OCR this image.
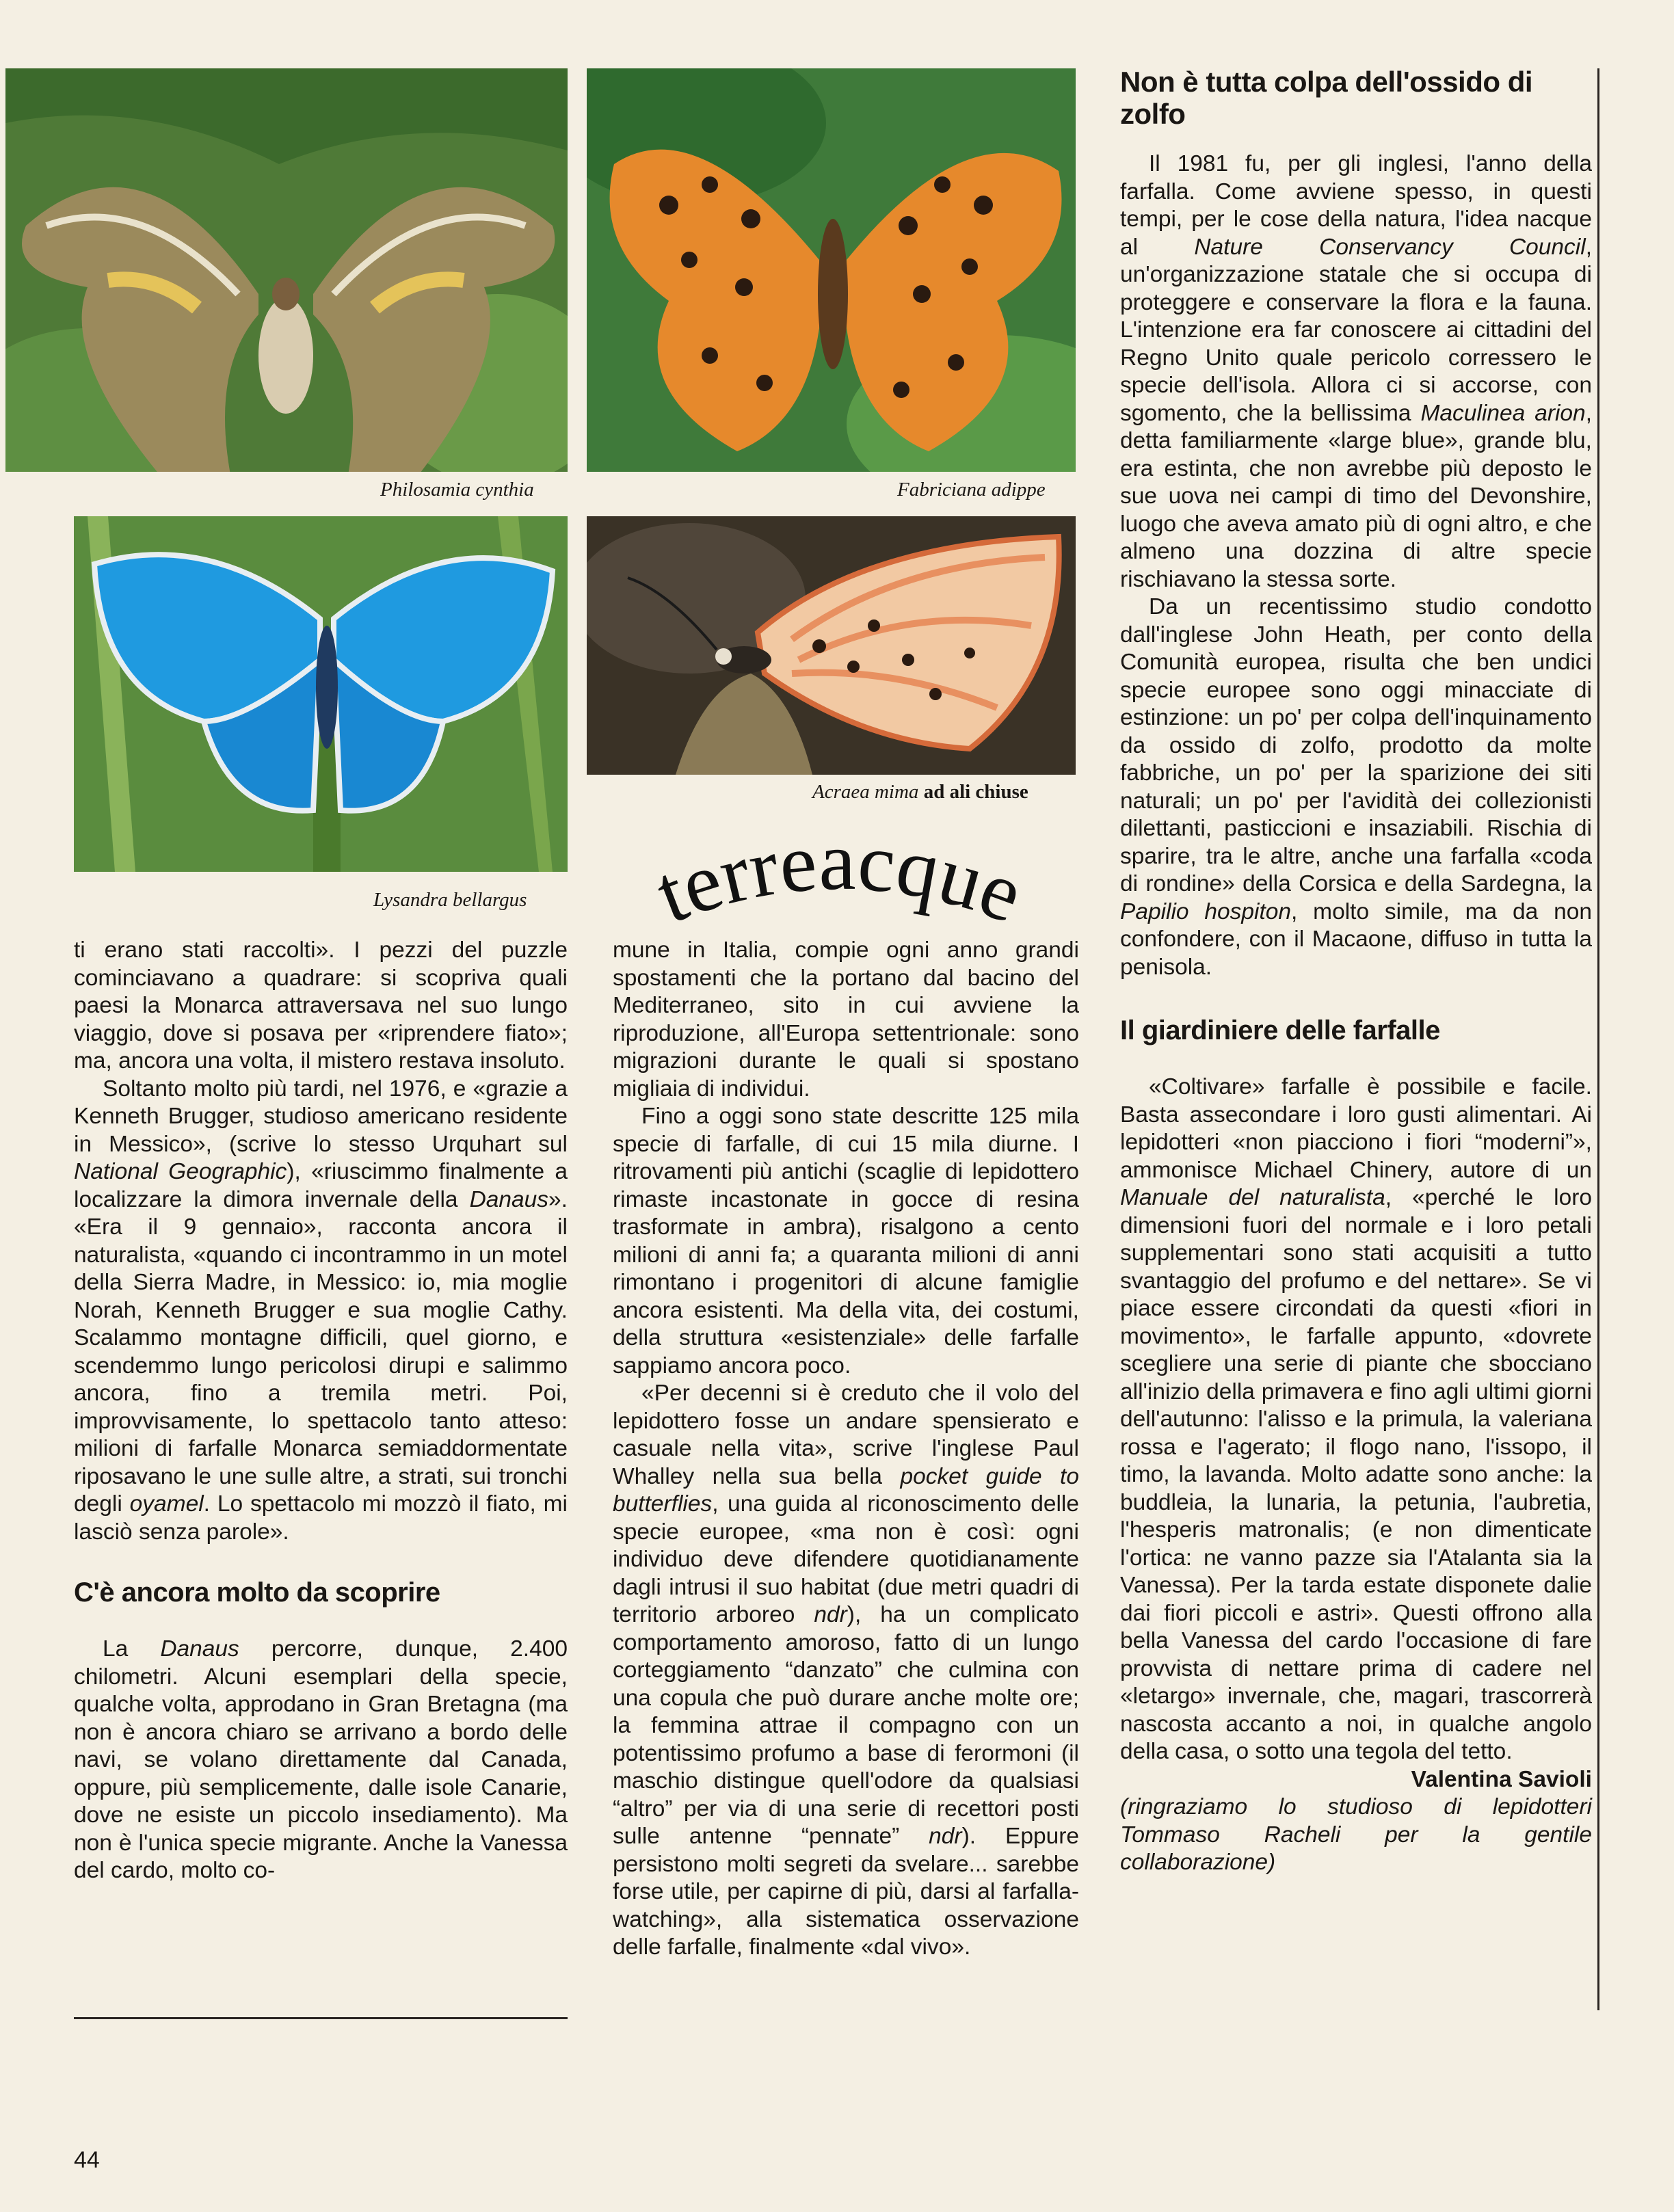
Philosamia cynthia	Fabriciana adippe
Lysandra bellargus
Acraea mima ad ali chiuse
terreacque

ti erano stati raccolti». I pezzi del puzzle cominciavano a quadrare: si scopriva quali paesi la Monarca attraversava nel suo lungo viaggio, dove si posava per «riprendere fiato»; ma, ancora una volta, il mistero restava insoluto.

Soltanto molto più tardi, nel 1976, e «grazie a Kenneth Brugger, studioso americano residente in Messico», (scrive lo stesso Urquhart sul National Geographic), «riuscimmo finalmente a localizzare la dimora invernale della Danaus». «Era il 9 gennaio», racconta ancora il naturalista, «quando ci incontrammo in un motel della Sierra Madre, in Messico: io, mia moglie Norah, Kenneth Brugger e sua moglie Cathy. Scalammo montagne difficili, quel giorno, e scendemmo lungo pericolosi dirupi e salimmo ancora, fino a tremila metri. Poi, improvvisamente, lo spettacolo tanto atteso: milioni di farfalle Monarca semiaddormentate riposavano le une sulle altre, a strati, sui tronchi degli oyamel. Lo spettacolo mi mozzò il fiato, mi lasciò senza parole».

C'è ancora molto da scoprire

La Danaus percorre, dunque, 2.400 chilometri. Alcuni esemplari della specie, qualche volta, approdano in Gran Bretagna (ma non è ancora chiaro se arrivano a bordo delle navi, se volano direttamente dal Canada, oppure, più semplicemente, dalle isole Canarie, dove ne esiste un piccolo insediamento). Ma non è l'unica specie migrante. Anche la Vanessa del cardo, molto co-

mune in Italia, compie ogni anno grandi spostamenti che la portano dal bacino del Mediterraneo, sito in cui avviene la riproduzione, all'Europa settentrionale: sono migrazioni durante le quali si spostano migliaia di individui.

Fino a oggi sono state descritte 125 mila specie di farfalle, di cui 15 mila diurne. I ritrovamenti più antichi (scaglie di lepidottero rimaste incastonate in gocce di resina trasformate in ambra), risalgono a cento milioni di anni fa; a quaranta milioni di anni rimontano i progenitori di alcune famiglie ancora esistenti. Ma della vita, dei costumi, della struttura «esistenziale» delle farfalle sappiamo ancora poco.

«Per decenni si è creduto che il volo del lepidottero fosse un andare spensierato e casuale nella vita», scrive l'inglese Paul Whalley nella sua bella pocket guide to butterflies, una guida al riconoscimento delle specie europee, «ma non è così: ogni individuo deve difendere quotidianamente dagli intrusi il suo habitat (due metri quadri di territorio arboreo ndr), ha un complicato comportamento amoroso, fatto di un lungo corteggiamento “danzato” che culmina con una copula che può durare anche molte ore; la femmina attrae il compagno con un potentissimo profumo a base di ferormoni (il maschio distingue quell'odore da qualsiasi “altro” per via di una serie di recettori posti sulle antenne “pennate” ndr). Eppure persistono molti segreti da svelare... sarebbe forse utile, per capirne di più, darsi al farfalla-watching», alla sistematica osservazione delle farfalle, finalmente «dal vivo».

Non è tutta colpa dell'ossido di zolfo

Il 1981 fu, per gli inglesi, l'anno della farfalla. Come avviene spesso, in questi tempi, per le cose della natura, l'idea nacque al Nature Conservancy Council, un'organizzazione statale che si occupa di proteggere e conservare la flora e la fauna. L'intenzione era far conoscere ai cittadini del Regno Unito quale pericolo corressero le specie dell'isola. Allora ci si accorse, con sgomento, che la bellissima Maculinea arion, detta familiarmente «large blue», grande blu, era estinta, che non avrebbe più deposto le sue uova nei campi di timo del Devonshire, luogo che aveva amato più di ogni altro, e che almeno una dozzina di altre specie rischiavano la stessa sorte.

Da un recentissimo studio condotto dall'inglese John Heath, per conto della Comunità europea, risulta che ben undici specie europee sono oggi minacciate di estinzione: un po' per colpa dell'inquinamento da ossido di zolfo, prodotto da molte fabbriche, un po' per la sparizione dei siti naturali; un po' per l'avidità dei collezionisti dilettanti, pasticcioni e insaziabili. Rischia di sparire, tra le altre, anche una farfalla «coda di rondine» della Corsica e della Sardegna, la Papilio hospiton, molto simile, ma da non confondere, con il Macaone, diffuso in tutta la penisola.

Il giardiniere delle farfalle

«Coltivare» farfalle è possibile e facile. Basta assecondare i loro gusti alimentari. Ai lepidotteri «non piacciono i fiori “moderni”», ammonisce Michael Chinery, autore di un Manuale del naturalista, «perché le loro dimensioni fuori del normale e i loro petali supplementari sono stati acquisiti a tutto svantaggio del profumo e del nettare». Se vi piace essere circondati da questi «fiori in movimento», le farfalle appunto, «dovrete scegliere una serie di piante che sbocciano all'inizio della primavera e fino agli ultimi giorni dell'autunno: l'alisso e la primula, la valeriana rossa e l'agerato; il flogo nano, l'issopo, il timo, la lavanda. Molto adatte sono anche: la buddleia, la lunaria, la petunia, l'aubretia, l'hesperis matronalis; (e non dimenticate l'ortica: ne vanno pazze sia l'Atalanta sia la Vanessa). Per la tarda estate disponete dalie dai fiori piccoli e astri». Questi offrono alla bella Vanessa del cardo l'occasione di fare provvista di nettare prima di cadere nel «letargo» invernale, che, magari, trascorrerà nascosta accanto a noi, in qualche angolo della casa, o sotto una tegola del tetto.

Valentina Savioli

(ringraziamo lo studioso di lepidotteri Tommaso Racheli per la gentile collaborazione)

44
